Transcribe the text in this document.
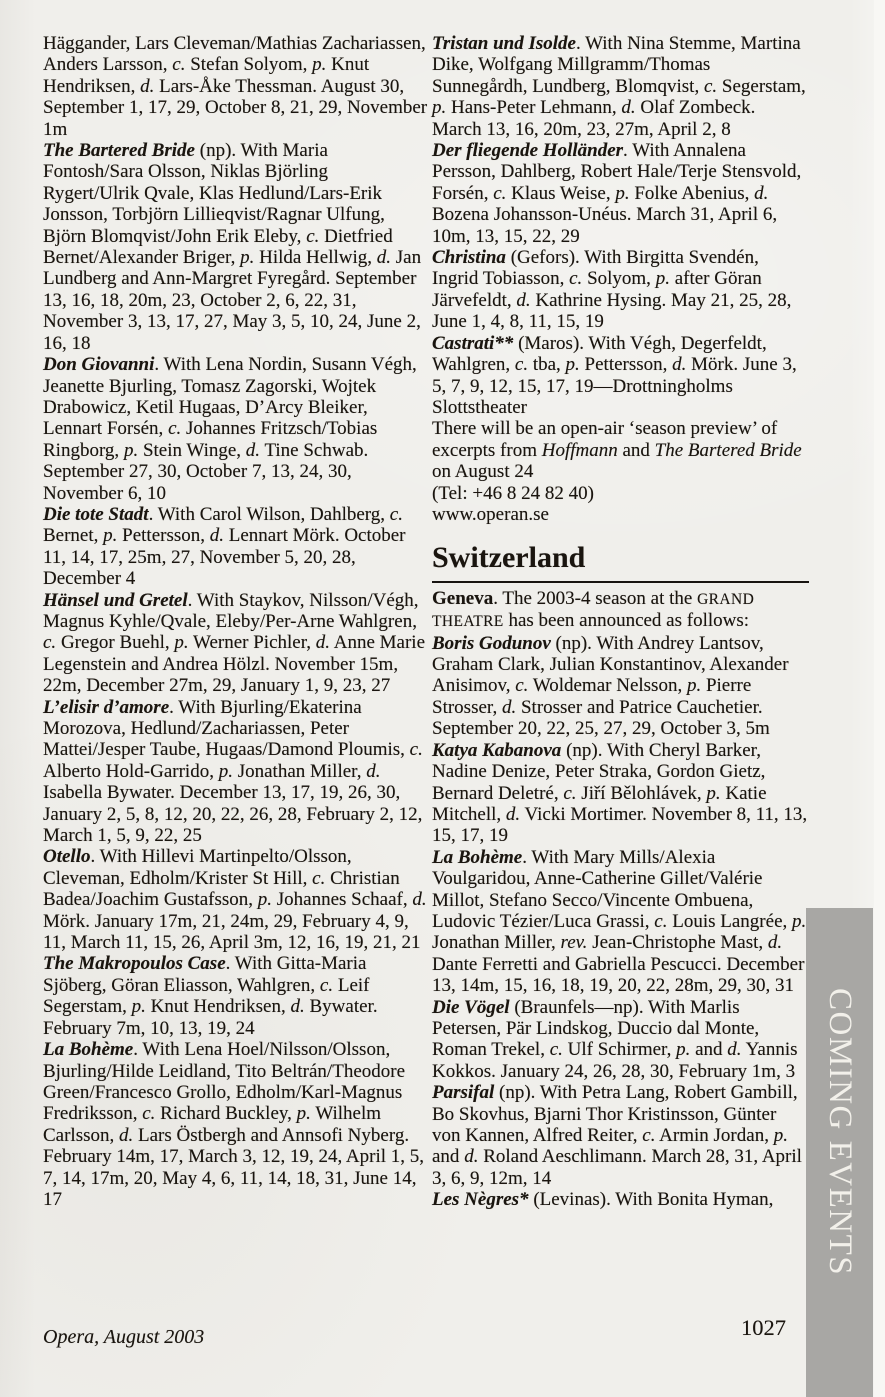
Häggander, Lars Cleveman/Mathias Zachariassen, Anders Larsson, c. Stefan Solyom, p. Knut Hendriksen, d. Lars-Åke Thessman. August 30, September 1, 17, 29, October 8, 21, 29, November 1m

The Bartered Bride (np). With Maria Fontosh/Sara Olsson, Niklas Björling Rygert/Ulrik Qvale, Klas Hedlund/Lars-Erik Jonsson, Torbjörn Lillieqvist/Ragnar Ulfung, Björn Blomqvist/John Erik Eleby, c. Dietfried Bernet/Alexander Briger, p. Hilda Hellwig, d. Jan Lundberg and Ann-Margret Fyregård. September 13, 16, 18, 20m, 23, October 2, 6, 22, 31, November 3, 13, 17, 27, May 3, 5, 10, 24, June 2, 16, 18

Don Giovanni. With Lena Nordin, Susann Végh, Jeanette Bjurling, Tomasz Zagorski, Wojtek Drabowicz, Ketil Hugaas, D’Arcy Bleiker, Lennart Forsén, c. Johannes Fritzsch/Tobias Ringborg, p. Stein Winge, d. Tine Schwab. September 27, 30, October 7, 13, 24, 30, November 6, 10

Die tote Stadt. With Carol Wilson, Dahlberg, c. Bernet, p. Pettersson, d. Lennart Mörk. October 11, 14, 17, 25m, 27, November 5, 20, 28, December 4

Hänsel und Gretel. With Staykov, Nilsson/Végh, Magnus Kyhle/Qvale, Eleby/Per-Arne Wahlgren, c. Gregor Buehl, p. Werner Pichler, d. Anne Marie Legenstein and Andrea Hölzl. November 15m, 22m, December 27m, 29, January 1, 9, 23, 27

L’elisir d’amore. With Bjurling/Ekaterina Morozova, Hedlund/Zachariassen, Peter Mattei/Jesper Taube, Hugaas/Damond Ploumis, c. Alberto Hold-Garrido, p. Jonathan Miller, d. Isabella Bywater. December 13, 17, 19, 26, 30, January 2, 5, 8, 12, 20, 22, 26, 28, February 2, 12, March 1, 5, 9, 22, 25

Otello. With Hillevi Martinpelto/Olsson, Cleveman, Edholm/Krister St Hill, c. Christian Badea/Joachim Gustafsson, p. Johannes Schaaf, d. Mörk. January 17m, 21, 24m, 29, February 4, 9, 11, March 11, 15, 26, April 3m, 12, 16, 19, 21, 21

The Makropoulos Case. With Gitta-Maria Sjöberg, Göran Eliasson, Wahlgren, c. Leif Segerstam, p. Knut Hendriksen, d. Bywater. February 7m, 10, 13, 19, 24

La Bohème. With Lena Hoel/Nilsson/Olsson, Bjurling/Hilde Leidland, Tito Beltrán/Theodore Green/Francesco Grollo, Edholm/Karl-Magnus Fredriksson, c. Richard Buckley, p. Wilhelm Carlsson, d. Lars Östbergh and Annsofi Nyberg. February 14m, 17, March 3, 12, 19, 24, April 1, 5, 7, 14, 17m, 20, May 4, 6, 11, 14, 18, 31, June 14, 17

Tristan und Isolde. With Nina Stemme, Martina Dike, Wolfgang Millgramm/Thomas Sunnegårdh, Lundberg, Blomqvist, c. Segerstam, p. Hans-Peter Lehmann, d. Olaf Zombeck. March 13, 16, 20m, 23, 27m, April 2, 8

Der fliegende Holländer. With Annalena Persson, Dahlberg, Robert Hale/Terje Stensvold, Forsén, c. Klaus Weise, p. Folke Abenius, d. Bozena Johansson-Unéus. March 31, April 6, 10m, 13, 15, 22, 29

Christina (Gefors). With Birgitta Svendén, Ingrid Tobiasson, c. Solyom, p. after Göran Järvefeldt, d. Kathrine Hysing. May 21, 25, 28, June 1, 4, 8, 11, 15, 19

Castrati** (Maros). With Végh, Degerfeldt, Wahlgren, c. tba, p. Pettersson, d. Mörk. June 3, 5, 7, 9, 12, 15, 17, 19—Drottningholms Slottstheater

There will be an open-air ‘season preview’ of excerpts from Hoffmann and The Bartered Bride on August 24

(Tel: +46 8 24 82 40)

www.operan.se

Switzerland

Geneva. The 2003-4 season at the GRAND THEATRE has been announced as follows:

Boris Godunov (np). With Andrey Lantsov, Graham Clark, Julian Konstantinov, Alexander Anisimov, c. Woldemar Nelsson, p. Pierre Strosser, d. Strosser and Patrice Cauchetier. September 20, 22, 25, 27, 29, October 3, 5m

Katya Kabanova (np). With Cheryl Barker, Nadine Denize, Peter Straka, Gordon Gietz, Bernard Deletré, c. Jiří Bělohlávek, p. Katie Mitchell, d. Vicki Mortimer. November 8, 11, 13, 15, 17, 19

La Bohème. With Mary Mills/Alexia Voulgaridou, Anne-Catherine Gillet/Valérie Millot, Stefano Secco/Vincente Ombuena, Ludovic Tézier/Luca Grassi, c. Louis Langrée, p. Jonathan Miller, rev. Jean-Christophe Mast, d. Dante Ferretti and Gabriella Pescucci. December 13, 14m, 15, 16, 18, 19, 20, 22, 28m, 29, 30, 31

Die Vögel (Braunfels—np). With Marlis Petersen, Pär Lindskog, Duccio dal Monte, Roman Trekel, c. Ulf Schirmer, p. and d. Yannis Kokkos. January 24, 26, 28, 30, February 1m, 3

Parsifal (np). With Petra Lang, Robert Gambill, Bo Skovhus, Bjarni Thor Kristinsson, Günter von Kannen, Alfred Reiter, c. Armin Jordan, p. and d. Roland Aeschlimann. March 28, 31, April 3, 6, 9, 12m, 14

Les Nègres* (Levinas). With Bonita Hyman,	COMING EVENTS
Opera, August 2003	1027
